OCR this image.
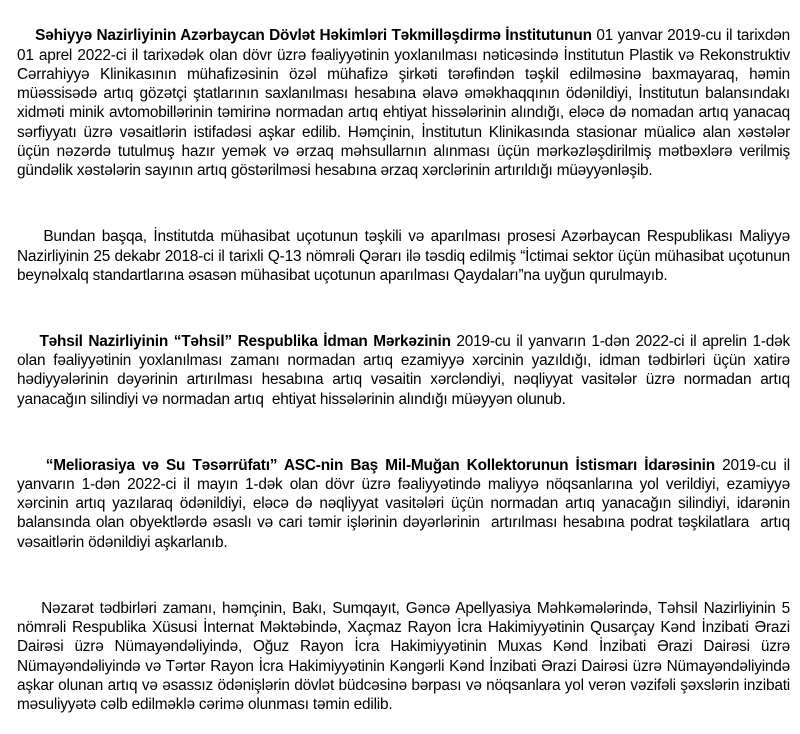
Səhiyyə Nazirliyinin Azərbaycan Dövlət Həkimləri Təkmilləşdirmə İnstitutunun 01 yanvar 2019-cu il tarixdən 01 aprel 2022-ci il tarixədək olan dövr üzrə fəaliyyətinin yoxlanılması nəticəsində İnstitutun Plastik və Rekonstruktiv Cərrahiyyə Klinikasının mühafizəsinin özəl mühafizə şirkəti tərəfindən təşkil edilməsinə baxmayaraq, həmin müəssisədə artıq gözətçi ştatlarının saxlanılması hesabına əlavə əməkhaqqının ödənildiyi, İnstitutun balansındakı xidməti minik avtomobillərinin təmirinə normadan artıq ehtiyat hissələrinin alındığı, eləcə də nomadan artıq yanacaq sərfiyyatı üzrə vəsaitlərin istifadəsi aşkar edilib. Həmçinin, İnstitutun Klinikasında stasionar müalicə alan xəstələr üçün nəzərdə tutulmuş hazır yemək və ərzaq məhsullarnın alınması üçün mərkəzləşdirilmiş mətbəxlərə verilmiş gündəlik xəstələrin sayının artıq göstərilməsi hesabına ərzaq xərclərinin artırıldığı müəyyənləşib.

Bundan başqa, İnstitutda mühasibat uçotunun təşkili və aparılması prosesi Azərbaycan Respublikası Maliyyə Nazirliyinin 25 dekabr 2018-ci il tarixli Q-13 nömrəli Qərarı ilə təsdiq edilmiş “İctimai sektor üçün mühasibat uçotunun beynəlxalq standartlarına əsasən mühasibat uçotunun aparılması Qaydaları”na uyğun qurulmayıb.

Təhsil Nazirliyinin “Təhsil” Respublika İdman Mərkəzinin 2019-cu il yanvarın 1-dən 2022-ci il aprelin 1-dək olan fəaliyyətinin yoxlanılması zamanı normadan artıq ezamiyyə xərcinin yazıldığı, idman tədbirləri üçün xatirə hədiyyələrinin dəyərinin artırılması hesabına artıq vəsaitin xərcləndiyi, nəqliyyat vasitələr üzrə normadan artıq yanacağın silindiyi və normadan artıq  ehtiyat hissələrinin alındığı müəyyən olunub.

“Meliorasiya və Su Təsərrüfatı” ASC-nin Baş Mil-Muğan Kollektorunun İstismarı İdarəsinin 2019-cu il yanvarın 1-dən 2022-ci il mayın 1-dək olan dövr üzrə fəaliyyətində maliyyə nöqsanlarına yol verildiyi, ezamiyyə xərcinin artıq yazılaraq ödənildiyi, eləcə də nəqliyyat vasitələri üçün normadan artıq yanacağın silindiyi, idarənin balansında olan obyektlərdə əsaslı və cari təmir işlərinin dəyərlərinin  artırılması hesabına podrat təşkilatlara  artıq vəsaitlərin ödənildiyi aşkarlanıb.

Nəzarət tədbirləri zamanı, həmçinin, Bakı, Sumqayıt, Gəncə Apellyasiya Məhkəmələrində, Təhsil Nazirliyinin 5 nömrəli Respublika Xüsusi İnternat Məktəbində, Xaçmaz Rayon İcra Hakimiyyətinin Qusarçay Kənd İnzibati Ərazi Dairəsi üzrə Nümayəndəliyində, Oğuz Rayon İcra Hakimiyyətinin Muxas Kənd İnzibati Ərazi Dairəsi üzrə Nümayəndəliyində və Tərtər Rayon İcra Hakimiyyətinin Kəngərli Kənd İnzibati Ərazi Dairəsi üzrə Nümayəndəliyində aşkar olunan artıq və əsassız ödənişlərin dövlət büdcəsinə bərpası və nöqsanlara yol verən vəzifəli şəxslərin inzibati məsuliyyətə cəlb edilməklə cərimə olunması təmin edilib.
